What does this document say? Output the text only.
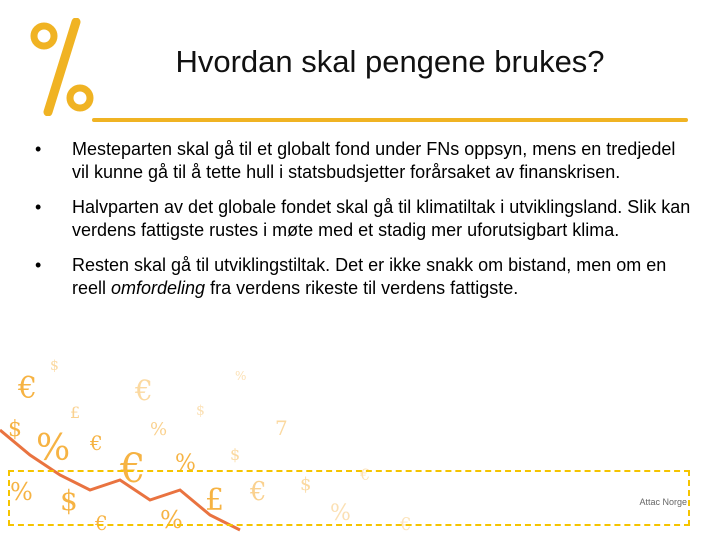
Hvordan skal pengene brukes?
• Mesteparten skal gå til et globalt fond under FNs oppsyn, mens en tredjedel vil kunne gå til å tette hull i statsbudsjetter forårsaket av finanskrisen.
• Halvparten av det globale fondet skal gå til klimatiltak i utviklingsland. Slik kan verdens fattigste rustes i møte med et stadig mer uforutsigbart klima.
• Resten skal gå til utviklingstiltak. Det er ikke snakk om bistand, men om en reell omfordeling fra verdens rikeste til verdens fattigste.
€
$
$ %
£
€
€
%
€
%
£
$
€
7
$
%
€
$
%
€ %	€
%
$
Attac Norge
